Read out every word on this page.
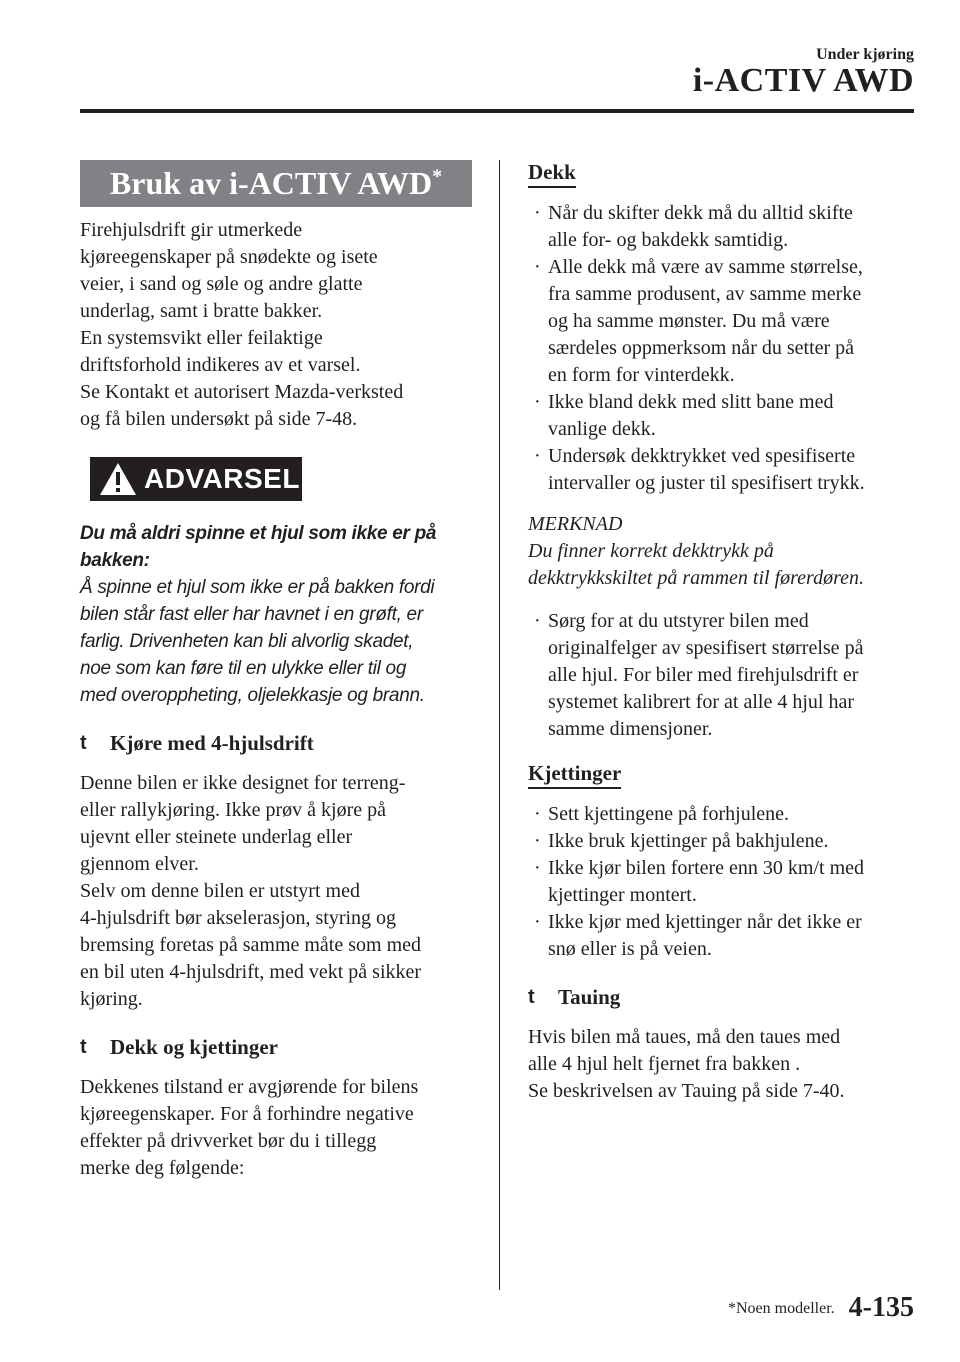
Under kjøring
i-ACTIV AWD
Bruk av i-ACTIV AWD*
Firehjulsdrift gir utmerkede
kjøreegenskaper på snødekte og isete
veier, i sand og søle og andre glatte
underlag, samt i bratte bakker.
En systemsvikt eller feilaktige
driftsforhold indikeres av et varsel.
Se Kontakt et autorisert Mazda-verksted
og få bilen undersøkt på side 7-48.
ADVARSEL
Du må aldri spinne et hjul som ikke er på
bakken:
Å spinne et hjul som ikke er på bakken fordi
bilen står fast eller har havnet i en grøft, er
farlig. Drivenheten kan bli alvorlig skadet,
noe som kan føre til en ulykke eller til og
med overoppheting, oljelekkasje og brann.
t	Kjøre med 4-hjulsdrift
Denne bilen er ikke designet for terreng-
eller rallykjøring. Ikke prøv å kjøre på
ujevnt eller steinete underlag eller
gjennom elver.
Selv om denne bilen er utstyrt med
4-hjulsdrift bør akselerasjon, styring og
bremsing foretas på samme måte som med
en bil uten 4-hjulsdrift, med vekt på sikker
kjøring.
t	Dekk og kjettinger
Dekkenes tilstand er avgjørende for bilens
kjøreegenskaper. For å forhindre negative
effekter på drivverket bør du i tillegg
merke deg følgende:
Dekk
· Når du skifter dekk må du alltid skifte
alle for- og bakdekk samtidig.
· Alle dekk må være av samme størrelse,
fra samme produsent, av samme merke
og ha samme mønster. Du må være
særdeles oppmerksom når du setter på
en form for vinterdekk.
· Ikke bland dekk med slitt bane med
vanlige dekk.
· Undersøk dekktrykket ved spesifiserte
intervaller og juster til spesifisert trykk.
MERKNAD
Du finner korrekt dekktrykk på
dekktrykkskiltet på rammen til førerdøren.
· Sørg for at du utstyrer bilen med
originalfelger av spesifisert størrelse på
alle hjul. For biler med firehjulsdrift er
systemet kalibrert for at alle 4 hjul har
samme dimensjoner.
Kjettinger
· Sett kjettingene på forhjulene.
· Ikke bruk kjettinger på bakhjulene.
· Ikke kjør bilen fortere enn 30 km/t med
kjettinger montert.
· Ikke kjør med kjettinger når det ikke er
snø eller is på veien.
t	Tauing
Hvis bilen må taues, må den taues med
alle 4 hjul helt fjernet fra bakken .
Se beskrivelsen av Tauing på side 7-40.
*Noen modeller. 4-135
